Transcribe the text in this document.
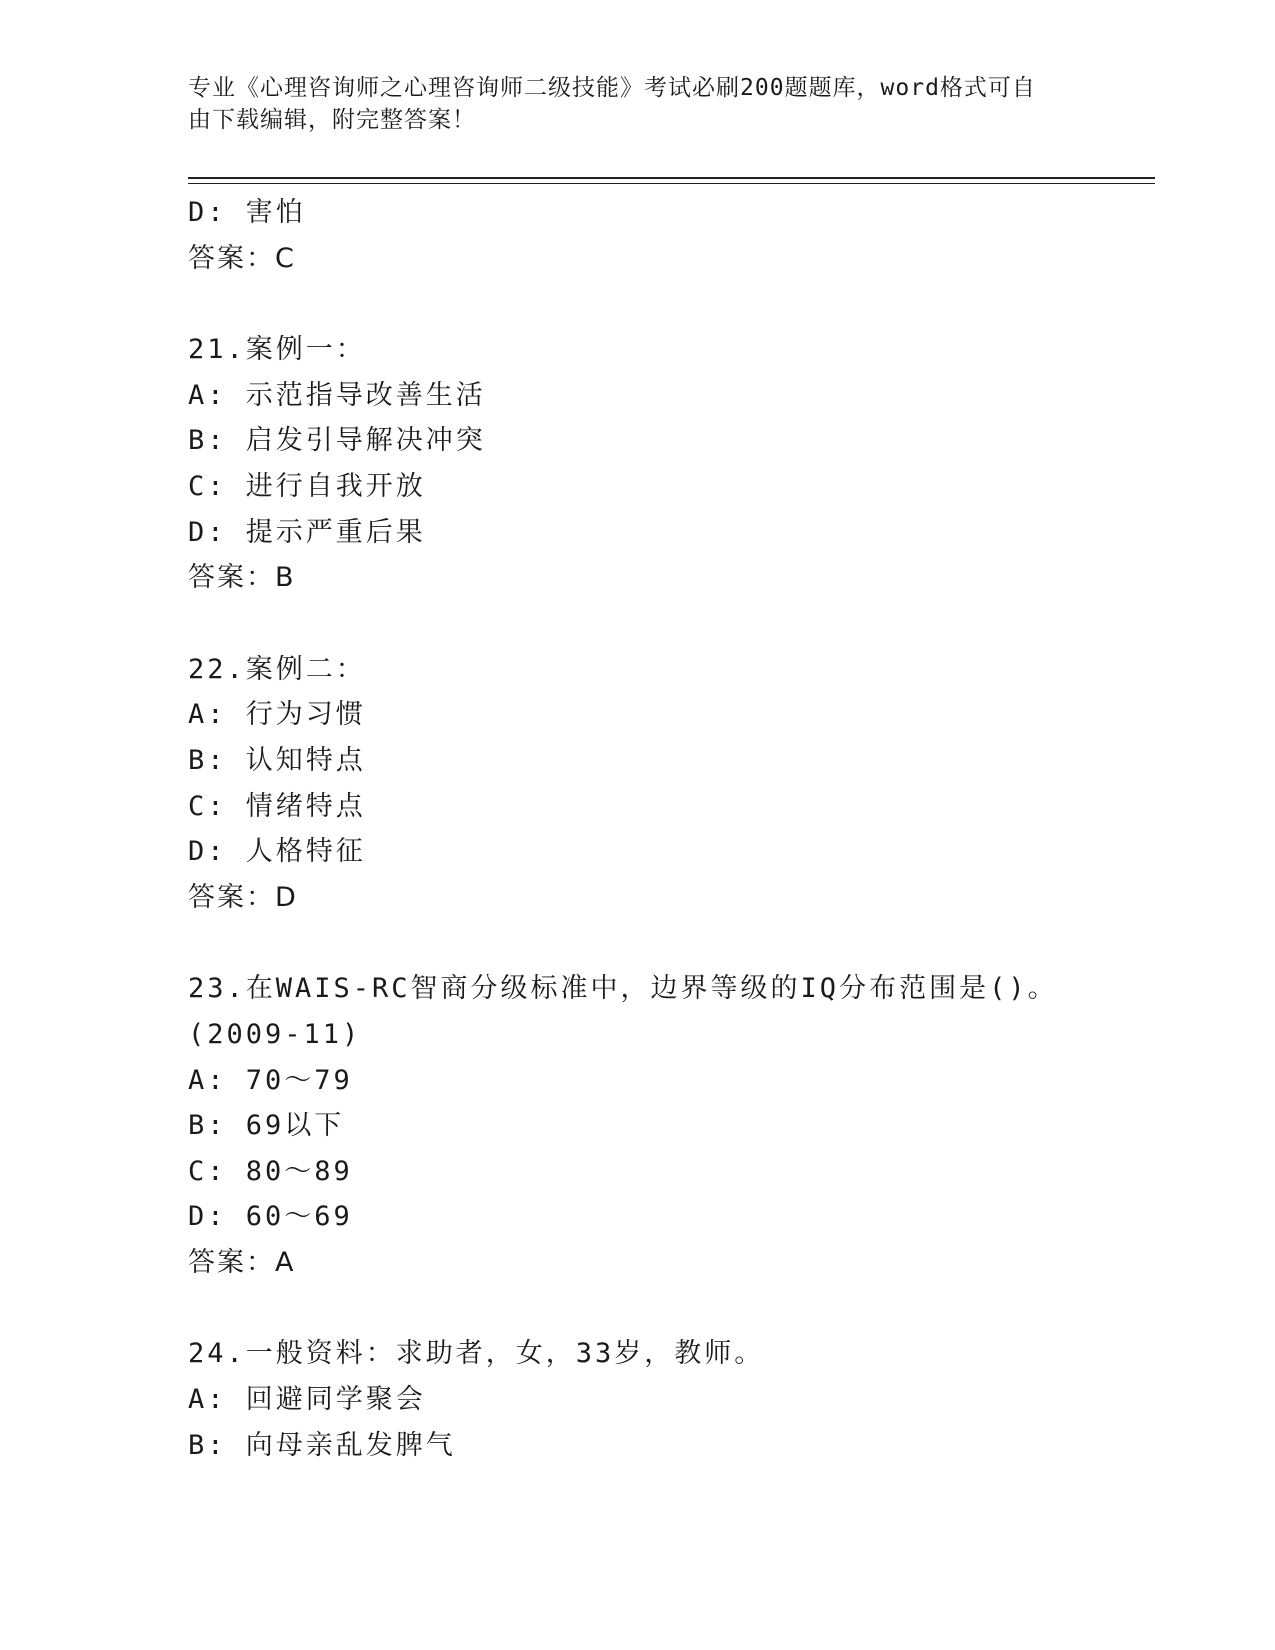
专业《心理咨询师之心理咨询师二级技能》考试必刷200题题库，word格式可自
由下载编辑，附完整答案！
D: 害怕
答案：C
21.案例一：
A: 示范指导改善生活
B: 启发引导解决冲突
C: 进行自我开放
D: 提示严重后果
答案：B
22.案例二：
A: 行为习惯
B: 认知特点
C: 情绪特点
D: 人格特征
答案：D
23.在WAIS-RC智商分级标准中，边界等级的IQ分布范围是()。
(2009-11)
A: 70～79
B: 69以下
C: 80～89
D: 60～69
答案：A
24.一般资料：求助者，女，33岁，教师。
A: 回避同学聚会
B: 向母亲乱发脾气
